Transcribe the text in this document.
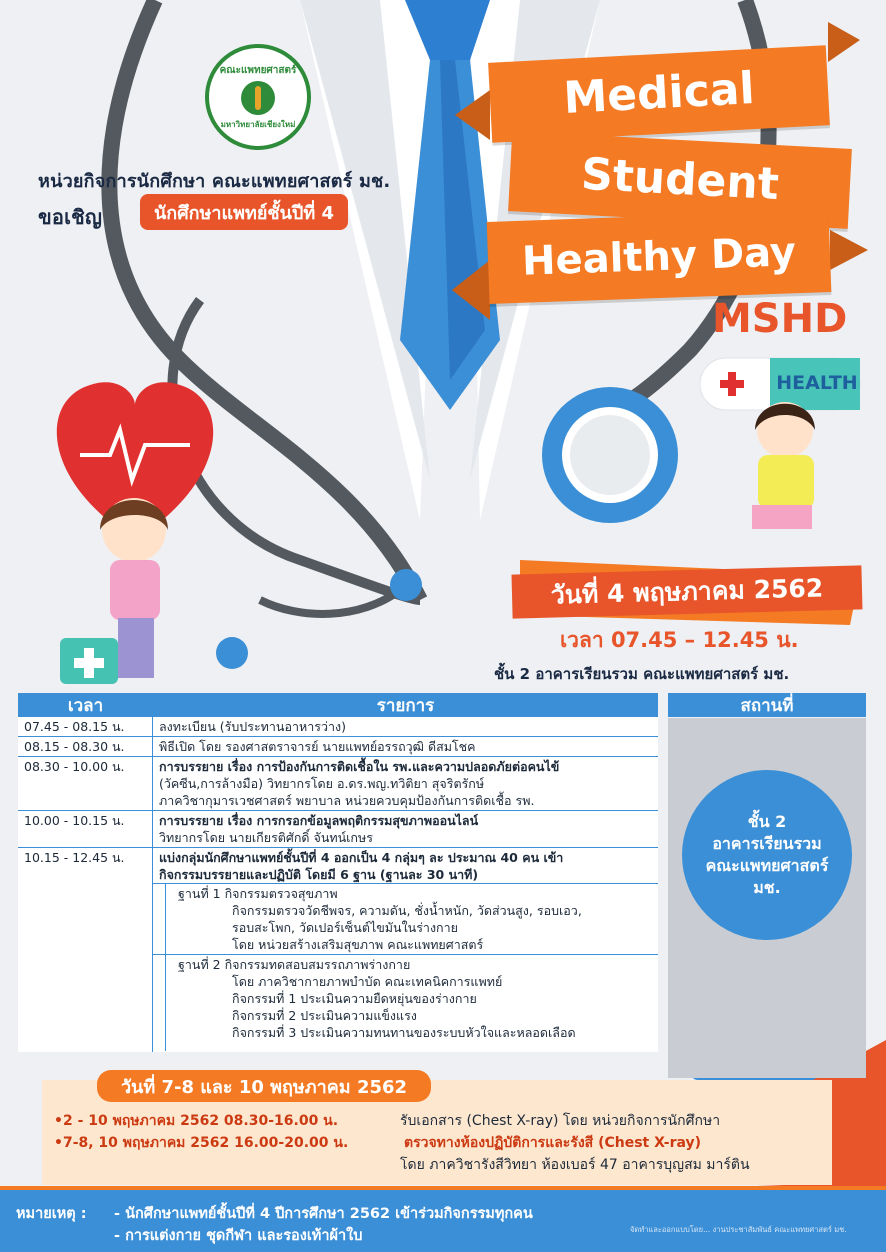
คณะแพทยศาสตร์
มหาวิทยาลัยเชียงใหม่
หน่วยกิจการนักศึกษา คณะแพทยศาสตร์ มช.
ขอเชิญ	นักศึกษาแพทย์ชั้นปีที่ 4
Medical
Student
Healthy Day
MSHD
HEALTH
วันที่ 4 พฤษภาคม 2562
เวลา 07.45 – 12.45 น.
ชั้น 2 อาคารเรียนรวม คณะแพทยศาสตร์ มช.
เวลา	รายการ
07.45 - 08.15 น.	ลงทะเบียน (รับประทานอาหารว่าง)
08.15 - 08.30 น.	พิธีเปิด โดย รองศาสตราจารย์ นายแพทย์อรรถวุฒิ ดีสมโชค
08.30 - 10.00 น.	การบรรยาย เรื่อง การป้องกันการติดเชื้อใน รพ.และความปลอดภัยต่อคนไข้
(วัคซีน,การล้างมือ) วิทยากรโดย อ.ดร.พญ.ทวิติยา สุจริตรักษ์
ภาควิชากุมารเวชศาสตร์ พยาบาล หน่วยควบคุมป้องกันการติดเชื้อ รพ.
10.00 - 10.15 น.	การบรรยาย เรื่อง การกรอกข้อมูลพฤติกรรมสุขภาพออนไลน์
วิทยากรโดย นายเกียรติศักดิ์ จันทน์เกษร
10.15 - 12.45 น.	แบ่งกลุ่มนักศึกษาแพทย์ชั้นปีที่ 4 ออกเป็น 4 กลุ่มๆ ละ ประมาณ 40 คน เข้า
กิจกรรมบรรยายและปฏิบัติ โดยมี 6 ฐาน (ฐานละ 30 นาที)
ฐานที่ 1 กิจกรรมตรวจสุขภาพ
กิจกรรมตรวจวัดชีพจร, ความดัน, ชั่งน้ำหนัก, วัดส่วนสูง, รอบเอว,
รอบสะโพก, วัดเปอร์เซ็นต์ไขมันในร่างกาย
โดย หน่วยสร้างเสริมสุขภาพ คณะแพทยศาสตร์
ฐานที่ 2 กิจกรรมทดสอบสมรรถภาพร่างกาย
โดย ภาควิชากายภาพบำบัด คณะเทคนิคการแพทย์
กิจกรรมที่ 1 ประเมินความยืดหยุ่นของร่างกาย
กิจกรรมที่ 2 ประเมินความแข็งแรง
กิจกรรมที่ 3 ประเมินความทนทานของระบบหัวใจและหลอดเลือด
สถานที่
ชั้น 2
อาคารเรียนรวม
คณะแพทยศาสตร์
มช.
•2 - 10 พฤษภาคม 2562 08.30-16.00 น.	รับเอกสาร (Chest X-ray) โดย หน่วยกิจการนักศึกษา
•7-8, 10 พฤษภาคม 2562 16.00-20.00 น.	ตรวจทางห้องปฏิบัติการและรังสี (Chest X-ray)
โดย ภาควิชารังสีวิทยา ห้องเบอร์ 47 อาคารบุญสม มาร์ติน
วันที่ 7-8 และ 10 พฤษภาคม 2562
หมายเหตุ : - นักศึกษาแพทย์ชั้นปีที่ 4 ปีการศึกษา 2562 เข้าร่วมกิจกรรมทุกคน
- การแต่งกาย ชุดกีฬา และรองเท้าผ้าใบ	จัดทำและออกแบบโดย... งานประชาสัมพันธ์ คณะแพทยศาสตร์ มช.
